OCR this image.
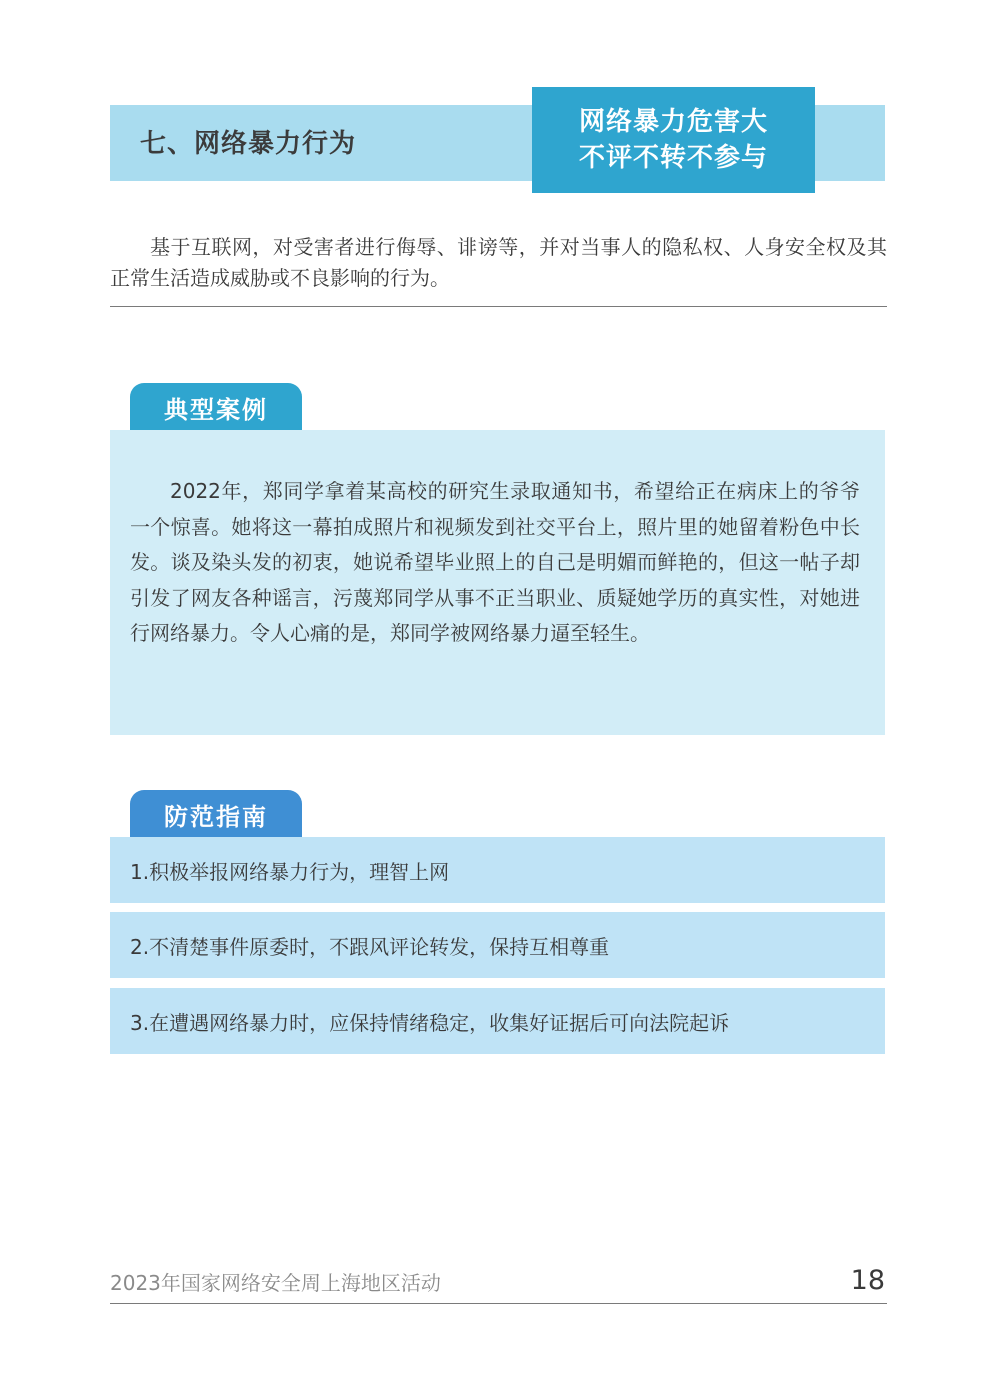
七、网络暴力行为
网络暴力危害大
不评不转不参与

基于互联网，对受害者进行侮辱、诽谤等，并对当事人的隐私权、人身安全权及其正常生活造成威胁或不良影响的行为。

典型案例

2022年，郑同学拿着某高校的研究生录取通知书，希望给正在病床上的爷爷一个惊喜。她将这一幕拍成照片和视频发到社交平台上，照片里的她留着粉色中长发。谈及染头发的初衷，她说希望毕业照上的自己是明媚而鲜艳的，但这一帖子却引发了网友各种谣言，污蔑郑同学从事不正当职业、质疑她学历的真实性，对她进行网络暴力。令人心痛的是，郑同学被网络暴力逼至轻生。

防范指南
1.积极举报网络暴力行为，理智上网
2.不清楚事件原委时，不跟风评论转发，保持互相尊重
3.在遭遇网络暴力时，应保持情绪稳定，收集好证据后可向法院起诉
2023年国家网络安全周上海地区活动	18
